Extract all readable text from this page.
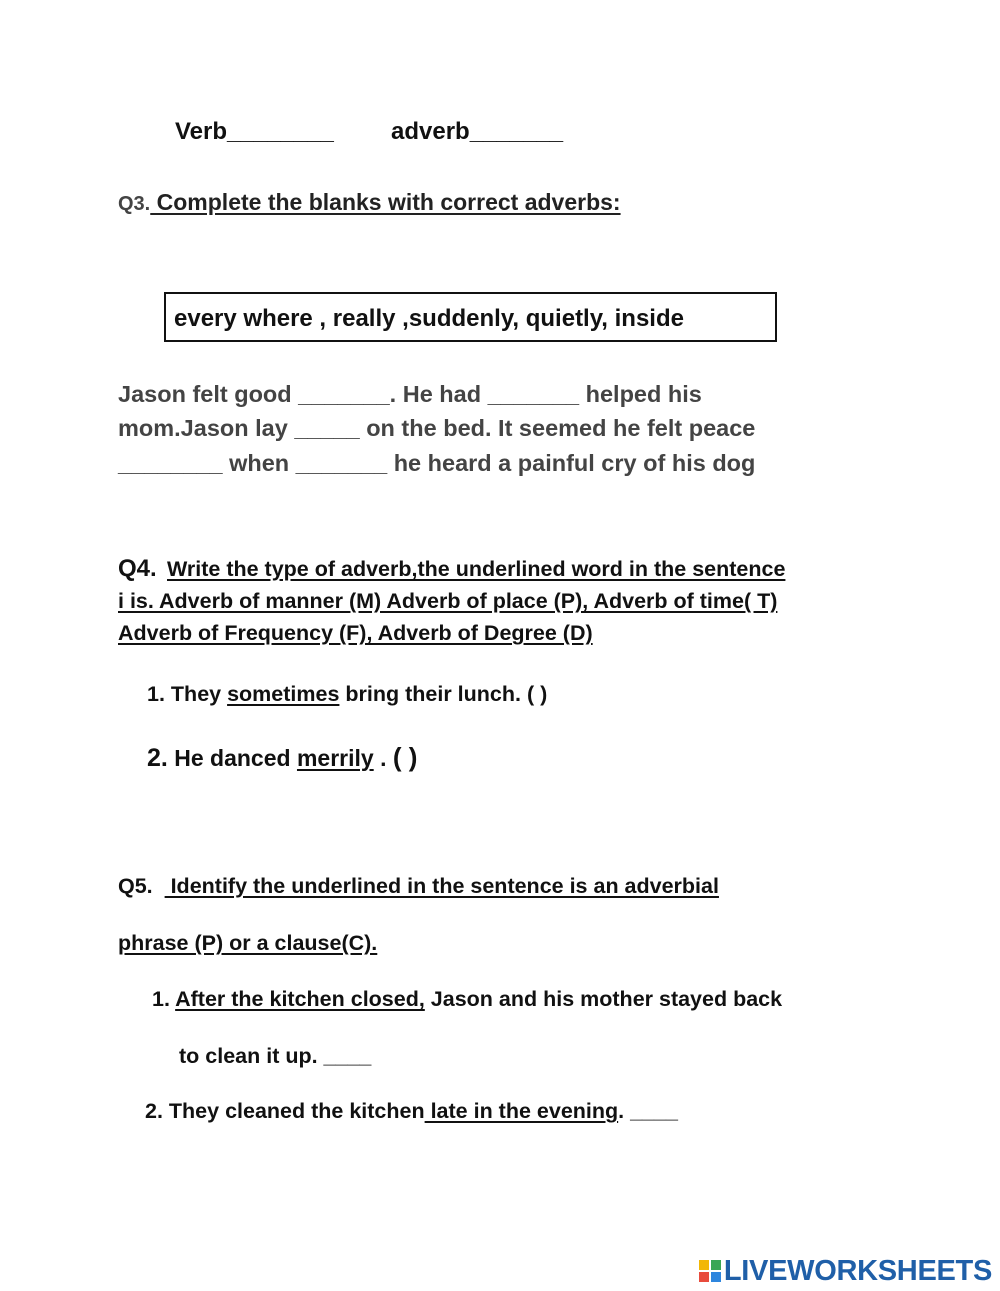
Verb________ adverb_______
Q3. Complete the blanks with correct adverbs:
every where , really ,suddenly, quietly, inside
Jason felt good _______. He had _______ helped his
mom.Jason lay _____ on the bed. It seemed he felt peace
________ when _______ he heard a painful cry of his dog
Q4. Write the type of adverb,the underlined word in the sentence
i is. Adverb of manner (M) Adverb of place (P), Adverb of time( T)
Adverb of Frequency (F), Adverb of Degree (D)
1. They sometimes bring their lunch. ( )
2. He danced merrily . ( )
Q5.   Identify the underlined in the sentence is an adverbial
phrase (P) or a clause(C).
1. After the kitchen closed, Jason and his mother stayed back
to clean it up. ____
2. They cleaned the kitchen late in the evening. ____
LIVEWORKSHEETS
